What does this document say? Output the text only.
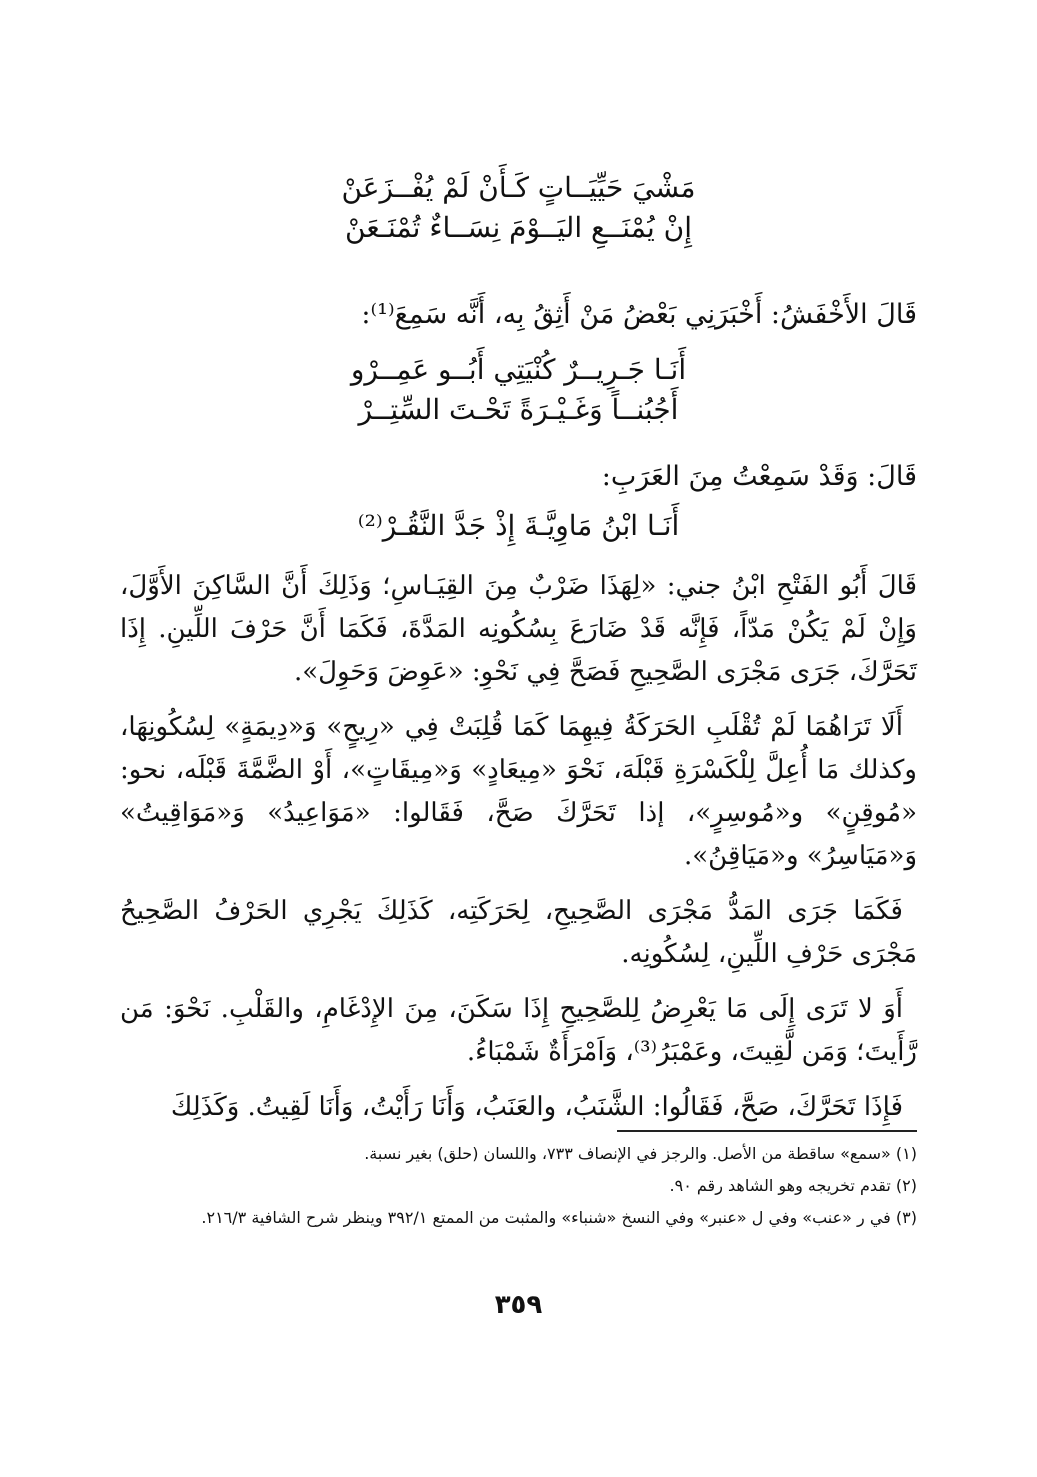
مَشْيَ حَيِّيَــاتٍ كَـأَنْ لَمْ يُفْــزَعَنْ
إِنْ يُمْنَــعِ اليَــوْمَ نِسَــاءٌ تُمْنَـعَنْ
قَالَ الأَخْفَشُ: أَخْبَرَنِي بَعْضُ مَنْ أَثِقُ بِه، أَنَّه سَمِعَ⁽¹⁾:
أَنَـا جَـرِيــرٌ كُنْيَتِي أَبُــو عَمِــرْو
أَجُبُنــاً وَغَـيْـرَةً تَحْـتَ السِّتِــرْ
قَالَ: وَقَدْ سَمِعْتُ مِنَ العَرَبِ:
أَنَـا ابْنُ مَاوِيَّـةَ إِذْ جَدَّ النَّقُـرْ⁽²⁾

قَالَ أَبُو الفَتْحِ ابْنُ جني: «لِهَذَا ضَرْبٌ مِنَ القِيَـاسِ؛ وَذَلِكَ أَنَّ السَّاكِنَ الأَوَّلَ، وَإِنْ لَمْ يَكُنْ مَدّاً، فَإِنَّه قَدْ ضَارَعَ بِسُكُونِه المَدَّةَ، فَكَمَا أَنَّ حَرْفَ اللِّينِ. إِذَا تَحَرَّكَ، جَرَى مَجْرَى الصَّحِيحِ فَصَحَّ فِي نَحْوِ: «عَوِضَ وَحَوِلَ».

أَلَا تَرَاهُمَا لَمْ تُقْلَبِ الحَرَكَةُ فِيهِمَا كَمَا قُلِبَتْ فِي «رِيحٍ» وَ«دِيمَةٍ» لِسُكُونِهَا، وكذلك مَا أُعِلَّ لِلْكَسْرَةِ قَبْلَهَ، نَحْوَ «مِيعَادٍ» وَ«مِيقَاتٍ»، أَوْ الضَّمَّةَ قَبْلَه، نحو: «مُوقِنٍ» و«مُوسِرٍ»، إذا تَحَرَّكَ صَحَّ، فَقَالوا: «مَوَاعِيدُ» وَ«مَوَاقِيتُ» وَ«مَيَاسِرُ» و«مَيَاقِنُ».

فَكَمَا جَرَى المَدُّ مَجْرَى الصَّحِيحِ، لِحَرَكَتِه، كَذَلِكَ يَجْرِي الحَرْفُ الصَّحِيحُ مَجْرَى حَرْفِ اللِّينِ، لِسُكُونِه.

أَوَ لا تَرَى إِلَى مَا يَعْرِضُ لِلصَّحِيحِ إِذَا سَكَنَ، مِنَ الإِدْغَامِ، والقَلْبِ. نَحْوَ: مَن رَّأَيتَ؛ وَمَن لَّقِيتَ، وعَمْبَرُ⁽³⁾، وَاَمْرَأَةٌ شَمْبَاءُ.

فَإِذَا تَحَرَّكَ، صَحَّ، فَقَالُوا: الشَّنَبُ، والعَنَبُ، وَأَنَا رَأَيْتُ، وَأَنَا لَقِيتُ. وَكَذَلِكَ

(١) «سمع» ساقطة من الأصل. والرجز في الإنصاف ٧٣٣، واللسان (حلق) بغير نسبة.

(٢) تقدم تخريجه وهو الشاهد رقم ٩٠.

(٣) في ر «عنب» وفي ل «عنبر» وفي النسخ «شنباء» والمثبت من الممتع ٣٩٢/١ وينظر شرح الشافية ٢١٦/٣.

٣٥٩
